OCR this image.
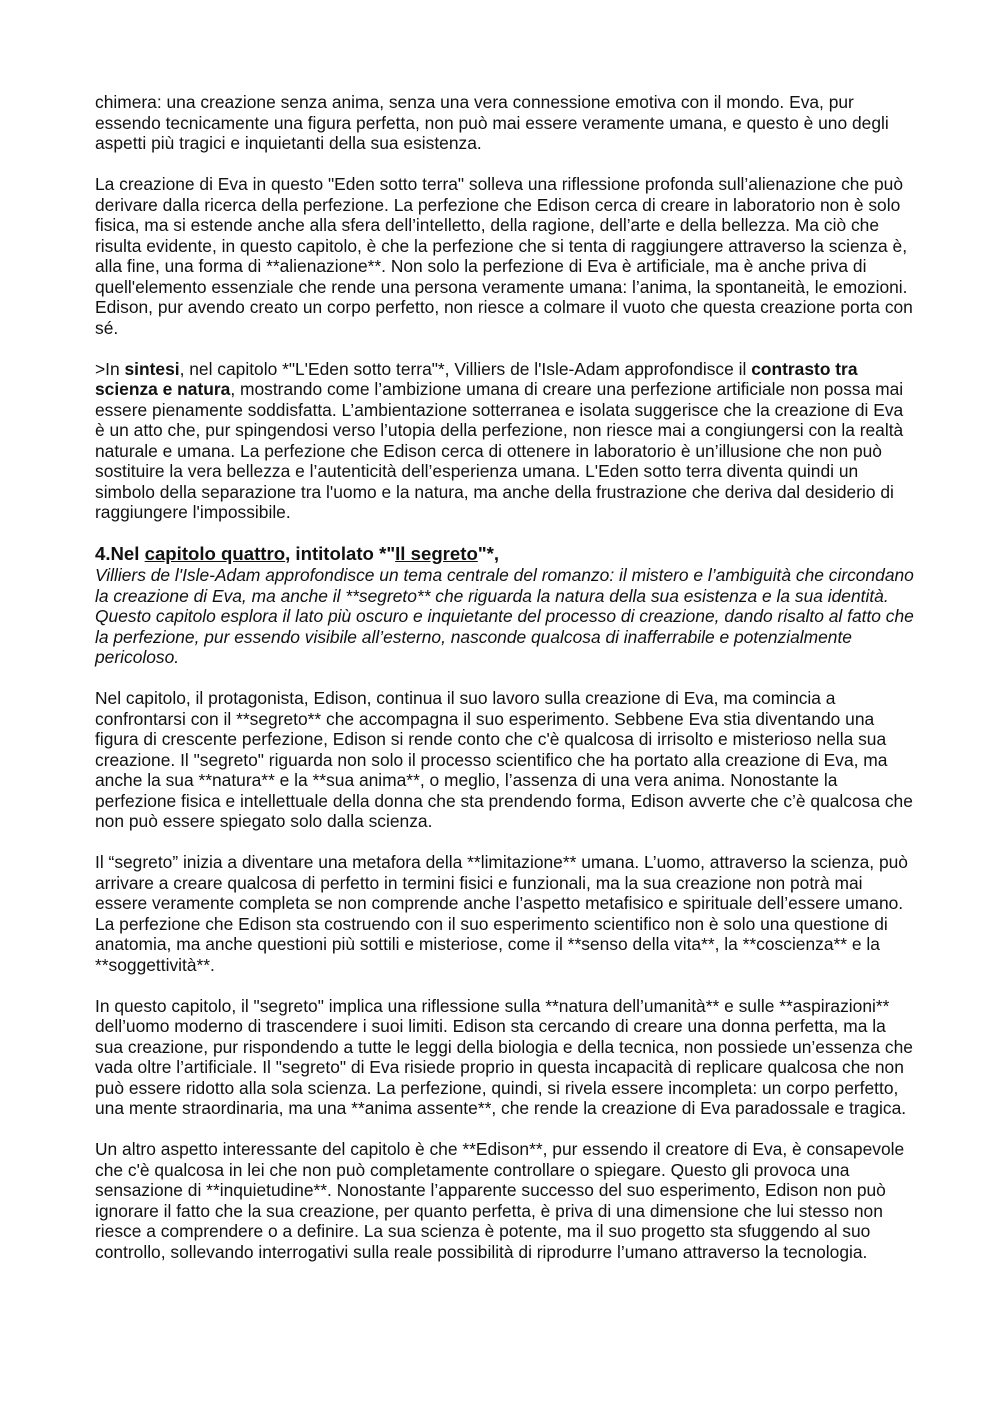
chimera: una creazione senza anima, senza una vera connessione emotiva con il mondo. Eva, pur essendo tecnicamente una figura perfetta, non può mai essere veramente umana, e questo è uno degli aspetti più tragici e inquietanti della sua esistenza.

La creazione di Eva in questo "Eden sotto terra" solleva una riflessione profonda sull’alienazione che può derivare dalla ricerca della perfezione. La perfezione che Edison cerca di creare in laboratorio non è solo fisica, ma si estende anche alla sfera dell’intelletto, della ragione, dell’arte e della bellezza. Ma ciò che risulta evidente, in questo capitolo, è che la perfezione che si tenta di raggiungere attraverso la scienza è, alla fine, una forma di **alienazione**. Non solo la perfezione di Eva è artificiale, ma è anche priva di quell'elemento essenziale che rende una persona veramente umana: l’anima, la spontaneità, le emozioni. Edison, pur avendo creato un corpo perfetto, non riesce a colmare il vuoto che questa creazione porta con sé.

>In sintesi, nel capitolo *"L'Eden sotto terra"*, Villiers de l'Isle-Adam approfondisce il contrasto tra scienza e natura, mostrando come l’ambizione umana di creare una perfezione artificiale non possa mai essere pienamente soddisfatta. L’ambientazione sotterranea e isolata suggerisce che la creazione di Eva è un atto che, pur spingendosi verso l’utopia della perfezione, non riesce mai a congiungersi con la realtà naturale e umana. La perfezione che Edison cerca di ottenere in laboratorio è un’illusione che non può sostituire la vera bellezza e l’autenticità dell’esperienza umana. L'Eden sotto terra diventa quindi un simbolo della separazione tra l'uomo e la natura, ma anche della frustrazione che deriva dal desiderio di raggiungere l'impossibile.

4.Nel capitolo quattro, intitolato *"Il segreto"*,

Villiers de l'Isle-Adam approfondisce un tema centrale del romanzo: il mistero e l’ambiguità che circondano la creazione di Eva, ma anche il **segreto** che riguarda la natura della sua esistenza e la sua identità. Questo capitolo esplora il lato più oscuro e inquietante del processo di creazione, dando risalto al fatto che la perfezione, pur essendo visibile all’esterno, nasconde qualcosa di inafferrabile e potenzialmente pericoloso.

Nel capitolo, il protagonista, Edison, continua il suo lavoro sulla creazione di Eva, ma comincia a confrontarsi con il **segreto** che accompagna il suo esperimento. Sebbene Eva stia diventando una figura di crescente perfezione, Edison si rende conto che c'è qualcosa di irrisolto e misterioso nella sua creazione. Il "segreto" riguarda non solo il processo scientifico che ha portato alla creazione di Eva, ma anche la sua **natura** e la **sua anima**, o meglio, l’assenza di una vera anima. Nonostante la perfezione fisica e intellettuale della donna che sta prendendo forma, Edison avverte che c’è qualcosa che non può essere spiegato solo dalla scienza.

Il “segreto” inizia a diventare una metafora della **limitazione** umana. L’uomo, attraverso la scienza, può arrivare a creare qualcosa di perfetto in termini fisici e funzionali, ma la sua creazione non potrà mai essere veramente completa se non comprende anche l’aspetto metafisico e spirituale dell’essere umano. La perfezione che Edison sta costruendo con il suo esperimento scientifico non è solo una questione di anatomia, ma anche questioni più sottili e misteriose, come il **senso della vita**, la **coscienza** e la **soggettività**.

In questo capitolo, il "segreto" implica una riflessione sulla **natura dell’umanità** e sulle **aspirazioni** dell’uomo moderno di trascendere i suoi limiti. Edison sta cercando di creare una donna perfetta, ma la sua creazione, pur rispondendo a tutte le leggi della biologia e della tecnica, non possiede un’essenza che vada oltre l’artificiale. Il "segreto" di Eva risiede proprio in questa incapacità di replicare qualcosa che non può essere ridotto alla sola scienza. La perfezione, quindi, si rivela essere incompleta: un corpo perfetto, una mente straordinaria, ma una **anima assente**, che rende la creazione di Eva paradossale e tragica.

Un altro aspetto interessante del capitolo è che **Edison**, pur essendo il creatore di Eva, è consapevole che c'è qualcosa in lei che non può completamente controllare o spiegare. Questo gli provoca una sensazione di **inquietudine**. Nonostante l’apparente successo del suo esperimento, Edison non può ignorare il fatto che la sua creazione, per quanto perfetta, è priva di una dimensione che lui stesso non riesce a comprendere o a definire. La sua scienza è potente, ma il suo progetto sta sfuggendo al suo controllo, sollevando interrogativi sulla reale possibilità di riprodurre l’umano attraverso la tecnologia.
